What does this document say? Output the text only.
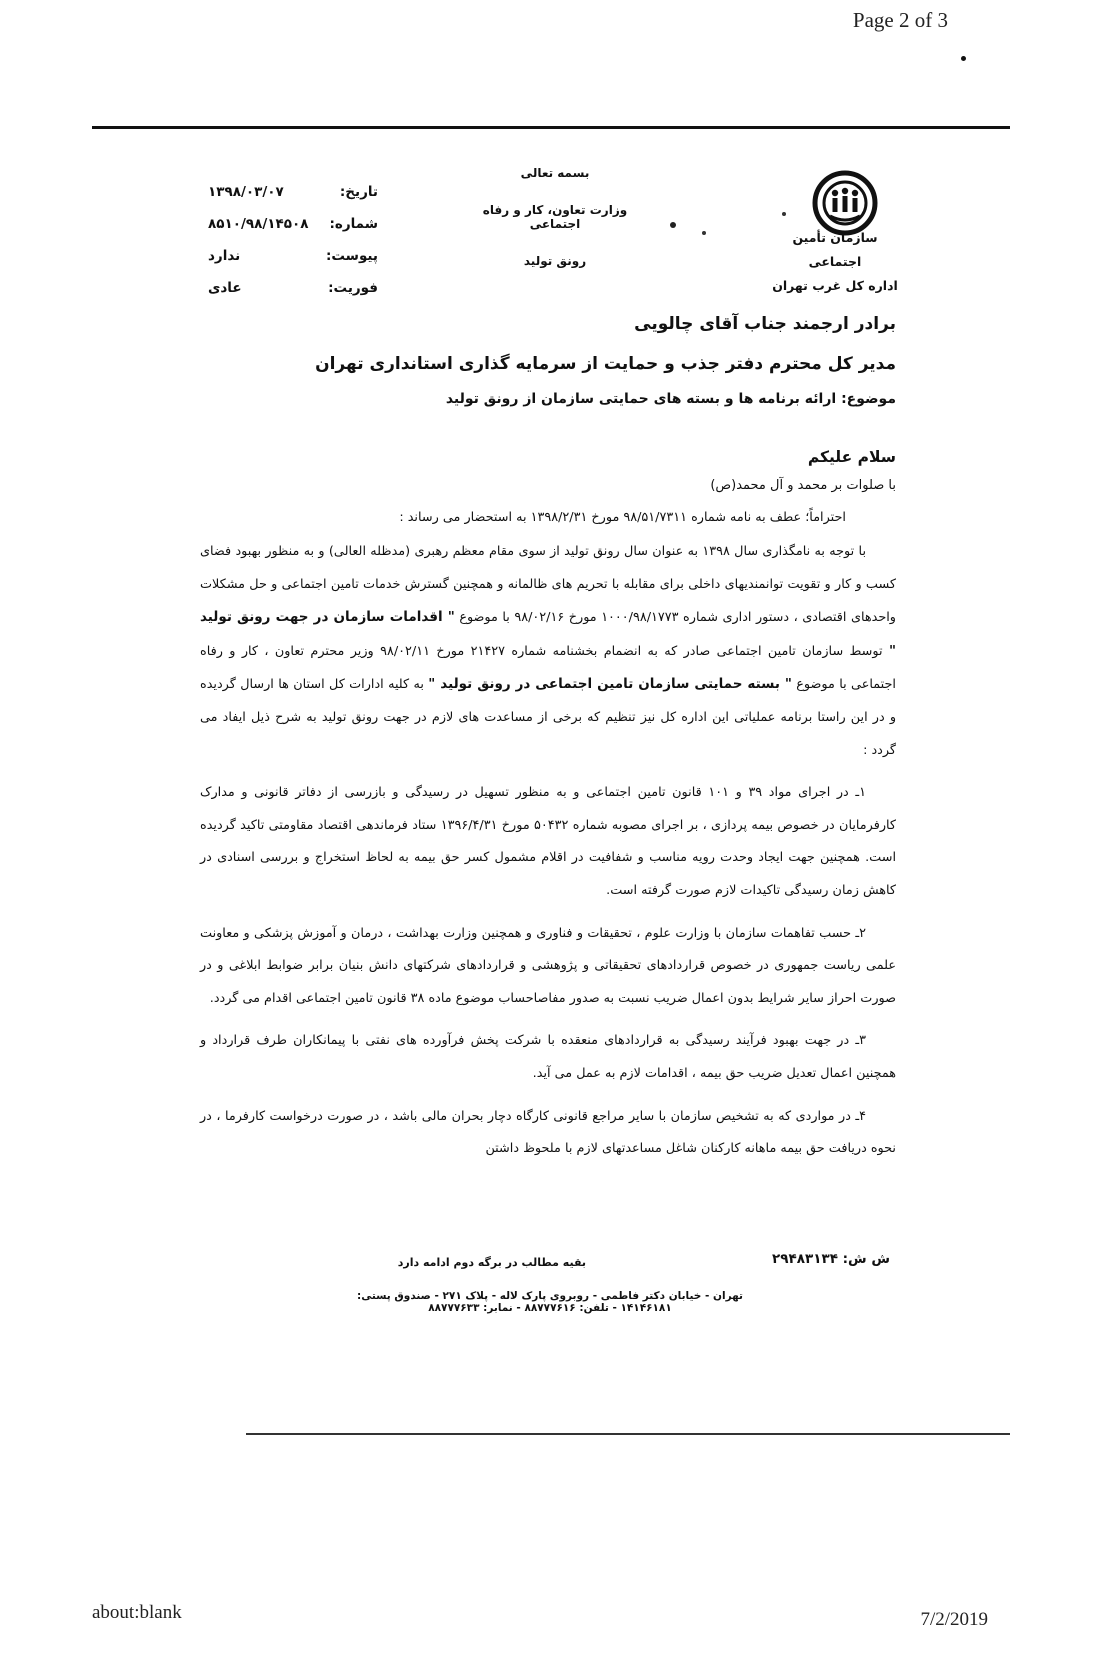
Page 2 of 3
سازمان تأمین اجتماعی
اداره کل غرب تهران
بسمه تعالی
وزارت تعاون، کار و رفاه اجتماعی
رونق تولید
تاریخ:
۱۳۹۸/۰۳/۰۷
شماره:
۸۵۱۰/۹۸/۱۴۵۰۸
پیوست:
ندارد
فوریت:
عادی
برادر ارجمند جناب آقای چالویی
مدیر کل محترم دفتر جذب و حمایت از سرمایه گذاری استانداری تهران
موضوع: ارائه برنامه ها و بسته های حمایتی سازمان از رونق تولید
سلام علیکم
با صلوات بر محمد و آل محمد(ص)
احتراماً؛ عطف به نامه شماره ۹۸/۵۱/۷۳۱۱ مورخ ۱۳۹۸/۲/۳۱ به استحضار می رساند :

با توجه به نامگذاری سال ۱۳۹۸ به عنوان سال رونق تولید از سوی مقام معظم رهبری (مدظله العالی) و به منظور بهبود فضای کسب و کار و تقویت توانمندیهای داخلی برای مقابله با تحریم های ظالمانه و همچنین گسترش خدمات تامین اجتماعی و حل مشکلات واحدهای اقتصادی ، دستور اداری شماره ۱۰۰۰/۹۸/۱۷۷۳ مورخ ۹۸/۰۲/۱۶ با موضوع " اقدامات سازمان در جهت رونق تولید " توسط سازمان تامین اجتماعی صادر که به انضمام بخشنامه شماره ۲۱۴۲۷ مورخ ۹۸/۰۲/۱۱ وزیر محترم تعاون ، کار و رفاه اجتماعی با موضوع " بسته حمایتی سازمان تامین اجتماعی در رونق تولید " به کلیه ادارات کل استان ها ارسال گردیده و در این راستا برنامه عملیاتی این اداره کل نیز تنظیم که برخی از مساعدت های لازم در جهت رونق تولید به شرح ذیل ایفاد می گردد :

۱ـ در اجرای مواد ۳۹ و ۱۰۱ قانون تامین اجتماعی و به منظور تسهیل در رسیدگی و بازرسی از دفاتر قانونی و مدارک کارفرمایان در خصوص بیمه پردازی ، بر اجرای مصوبه شماره ۵۰۴۳۲ مورخ ۱۳۹۶/۴/۳۱ ستاد فرماندهی اقتصاد مقاومتی تاکید گردیده است. همچنین جهت ایجاد وحدت رویه مناسب و شفافیت در اقلام مشمول کسر حق بیمه به لحاظ استخراج و بررسی اسنادی در کاهش زمان رسیدگی تاکیدات لازم صورت گرفته است.

۲ـ حسب تفاهمات سازمان با وزارت علوم ، تحقیقات و فناوری و همچنین وزارت بهداشت ، درمان و آموزش پزشکی و معاونت علمی ریاست جمهوری در خصوص قراردادهای تحقیقاتی و پژوهشی و قراردادهای شرکتهای دانش بنیان برابر ضوابط ابلاغی و در صورت احراز سایر شرایط بدون اعمال ضریب نسبت به صدور مفاصاحساب موضوع ماده ۳۸ قانون تامین اجتماعی اقدام می گردد.

۳ـ در جهت بهبود فرآیند رسیدگی به قراردادهای منعقده با شرکت پخش فرآورده های نفتی با پیمانکاران طرف قرارداد و همچنین اعمال تعدیل ضریب حق بیمه ، اقدامات لازم به عمل می آید.

۴ـ در مواردی که به تشخیص سازمان با سایر مراجع قانونی کارگاه دچار بحران مالی باشد ، در صورت درخواست کارفرما ، در نحوه دریافت حق بیمه ماهانه کارکنان شاغل مساعدتهای لازم با ملحوظ داشتن

بقیه مطالب در برگه دوم ادامه دارد	ش ش: ۲۹۴۸۳۱۳۴
تهران - خیابان دکتر فاطمی - روبروی پارک لاله - پلاک ۲۷۱ - صندوق پستی: ۱۴۱۴۶۱۸۱ - تلفن: ۸۸۷۷۷۶۱۶ - نمابر: ۸۸۷۷۷۶۳۳
about:blank	7/2/2019
